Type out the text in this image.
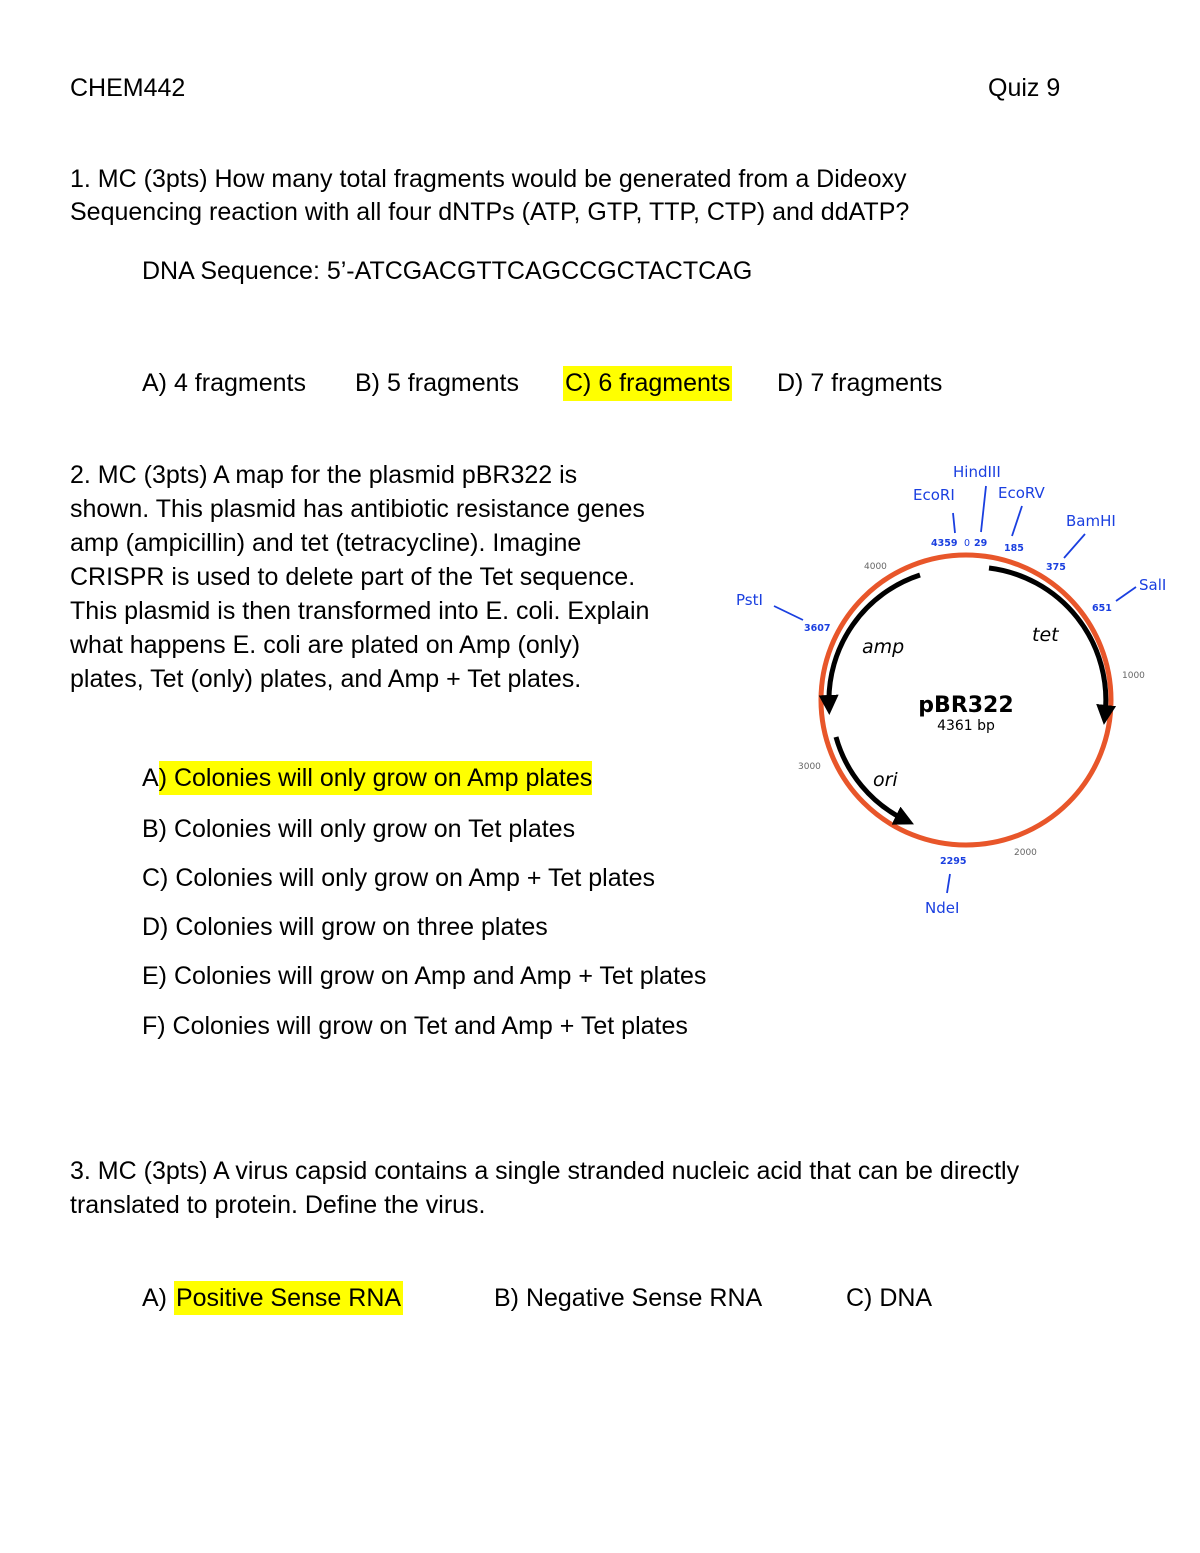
CHEM442	Quiz 9
1. MC (3pts) How many total fragments would be generated from a Dideoxy
Sequencing reaction with all four dNTPs (ATP, GTP, TTP, CTP) and ddATP?
DNA Sequence: 5’-ATCGACGTTCAGCCGCTACTCAG
A) 4 fragments B) 5 fragments C) 6 fragments D) 7 fragments
2. MC (3pts) A map for the plasmid pBR322 is
shown. This plasmid has antibiotic resistance genes
amp (ampicillin) and tet (tetracycline). Imagine
CRISPR is used to delete part of the Tet sequence.
This plasmid is then transformed into E. coli. Explain
what happens E. coli are plated on Amp (only)
plates, Tet (only) plates, and Amp + Tet plates.
A) Colonies will only grow on Amp plates
B) Colonies will only grow on Tet plates
C) Colonies will only grow on Amp + Tet plates
D) Colonies will grow on three plates
E) Colonies will grow on Amp and Amp + Tet plates
F) Colonies will grow on Tet and Amp + Tet plates
pBR322
4361 bp
amp
tet
ori
4000
1000
3000
2000
EcoRI
HindIII
EcoRV
BamHI
SalI
PstI
NdeI
4359 29 185
375
651
3607
2295
0
3. MC (3pts) A virus capsid contains a single stranded nucleic acid that can be directly
translated to protein. Define the virus.
A) Positive Sense RNA	B) Negative Sense RNA	C) DNA
